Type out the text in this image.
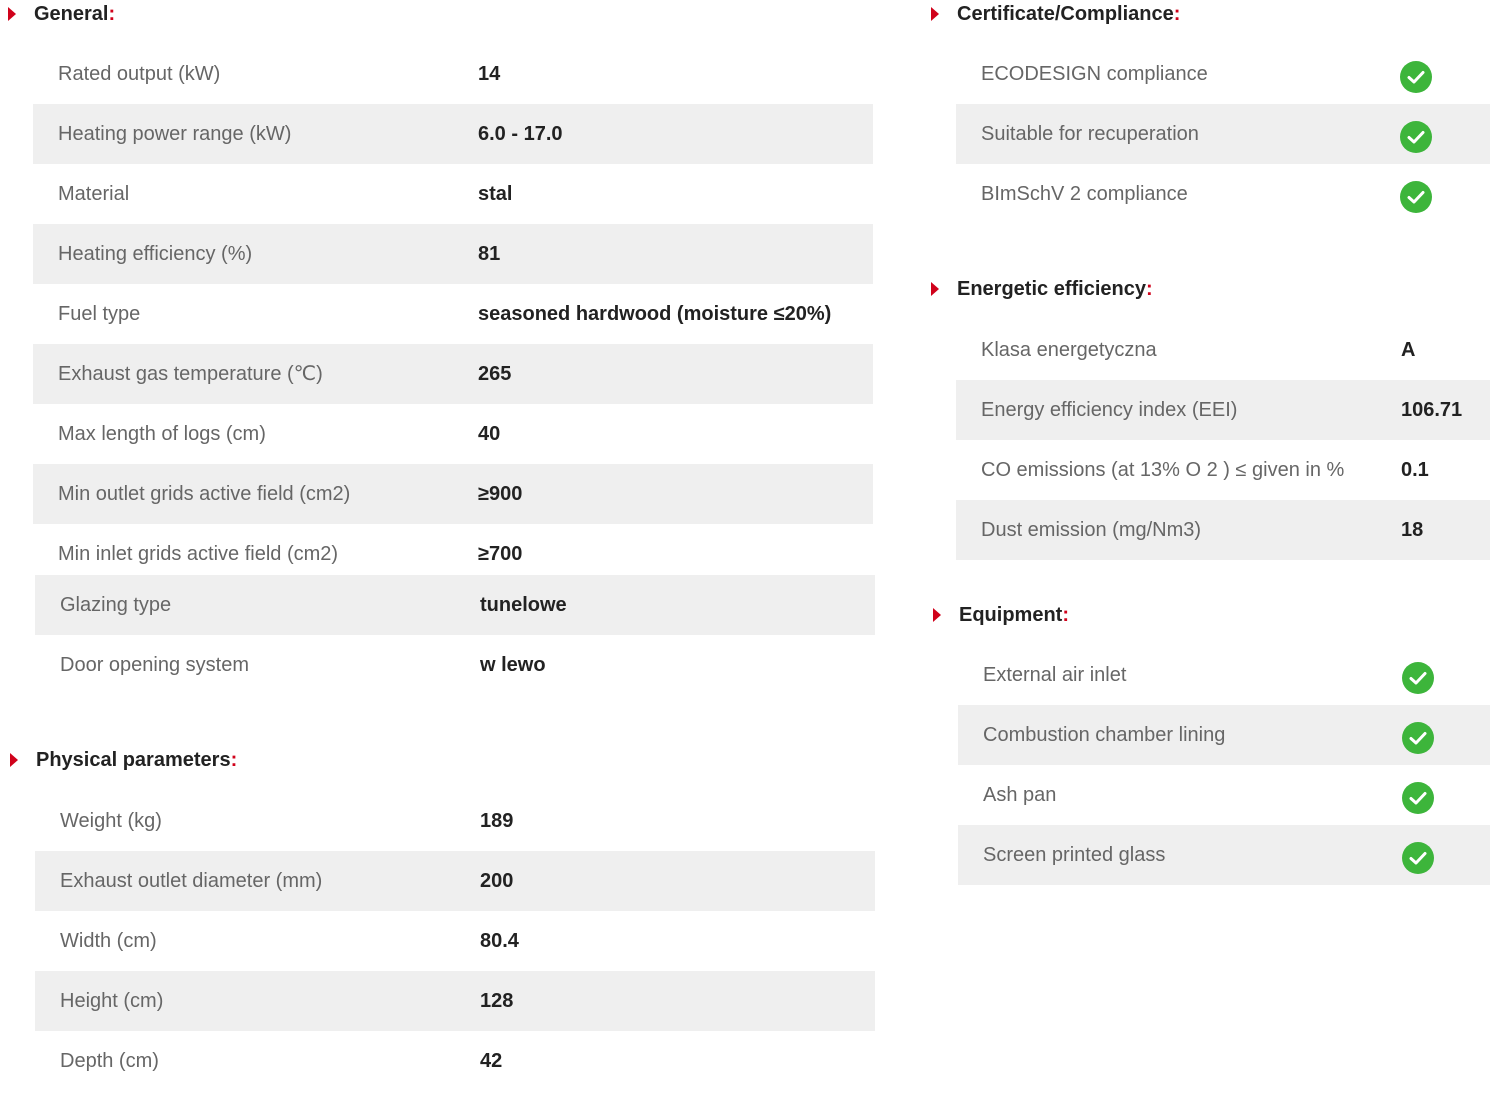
General:
Rated output (kW)	14
Heating power range (kW)	6.0 - 17.0
Material	stal
Heating efficiency (%)	81
Fuel type	seasoned hardwood (moisture ≤20%)
Exhaust gas temperature (℃)	265
Max length of logs (cm)	40
Min outlet grids active field (cm2)	≥900
Min inlet grids active field (cm2)	≥700
Glazing type	tunelowe
Door opening system	w lewo
Physical parameters:
Weight (kg)	189
Exhaust outlet diameter (mm)	200
Width (cm)	80.4
Height (cm)	128
Depth (cm)	42
Certificate/Compliance:
ECODESIGN compliance
Suitable for recuperation
BImSchV 2 compliance
Energetic efficiency:
Klasa energetyczna	A
Energy efficiency index (EEI)	106.71
CO emissions (at 13% O 2 ) ≤ given in %	0.1
Dust emission (mg/Nm3)	18
Equipment:
External air inlet
Combustion chamber lining
Ash pan
Screen printed glass
